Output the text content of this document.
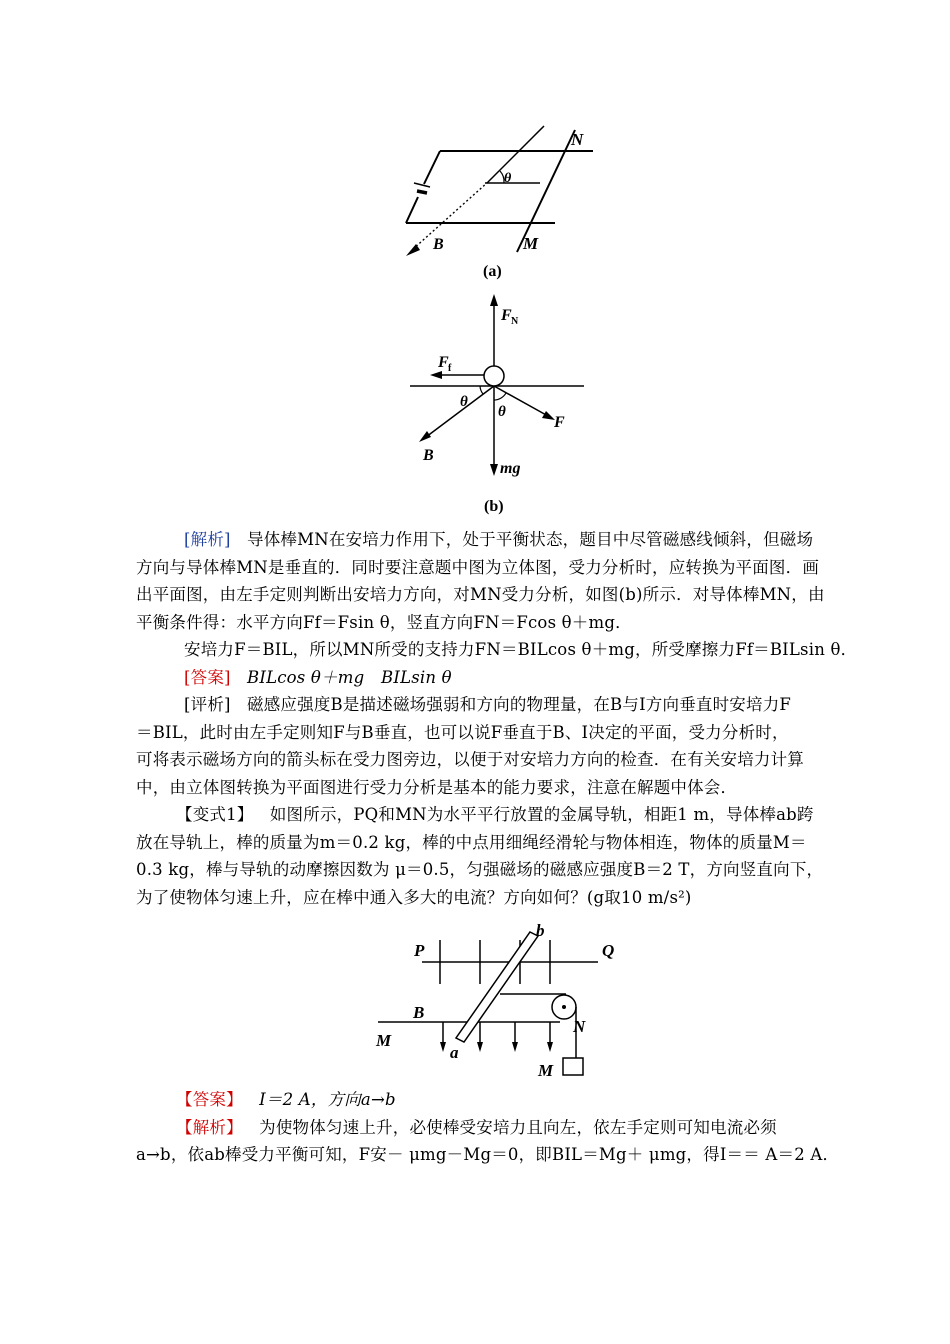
θ
N
M
B
(a)
F N
F f
θ
θ
F
B
mg
(b)
[解析] 导体棒MN在安培力作用下，处于平衡状态，题目中尽管磁感线倾斜，但磁场
方向与导体棒MN是垂直的．同时要注意题中图为立体图，受力分析时，应转换为平面图．画
出平面图，由左手定则判断出安培力方向，对MN受力分析，如图(b)所示．对导体棒MN，由
平衡条件得：水平方向Ff＝Fsin θ，竖直方向FN＝Fcos θ＋mg．
安培力F＝BIL，所以MN所受的支持力FN＝BILcos θ＋mg，所受摩擦力Ff＝BILsin θ．
[答案] BILcos θ＋mg　BILsin θ
[评析] 磁感应强度B是描述磁场强弱和方向的物理量，在B与I方向垂直时安培力F
＝BIL，此时由左手定则知F与B垂直，也可以说F垂直于B、I决定的平面，受力分析时，
可将表示磁场方向的箭头标在受力图旁边，以便于对安培力方向的检查．在有关安培力计算
中，由立体图转换为平面图进行受力分析是基本的能力要求，注意在解题中体会．
【变式1】 如图所示，PQ和MN为水平平行放置的金属导轨，相距1 m，导体棒ab跨
放在导轨上，棒的质量为m＝0.2 kg，棒的中点用细绳经滑轮与物体相连，物体的质量M＝
0.3 kg，棒与导轨的动摩擦因数为 μ＝0.5，匀强磁场的磁感应强度B＝2 T，方向竖直向下，
为了使物体匀速上升，应在棒中通入多大的电流？方向如何？(g取10 m/s²)
P	Q
b
B
M
a
N
M
【答案】 I＝2 A，方向a→b
【解析】 为使物体匀速上升，必使棒受安培力且向左，依左手定则可知电流必须
a→b，依ab棒受力平衡可知，F安－ μmg－Mg＝0，即BIL＝Mg＋ μmg，得I＝＝ A＝2 A．
